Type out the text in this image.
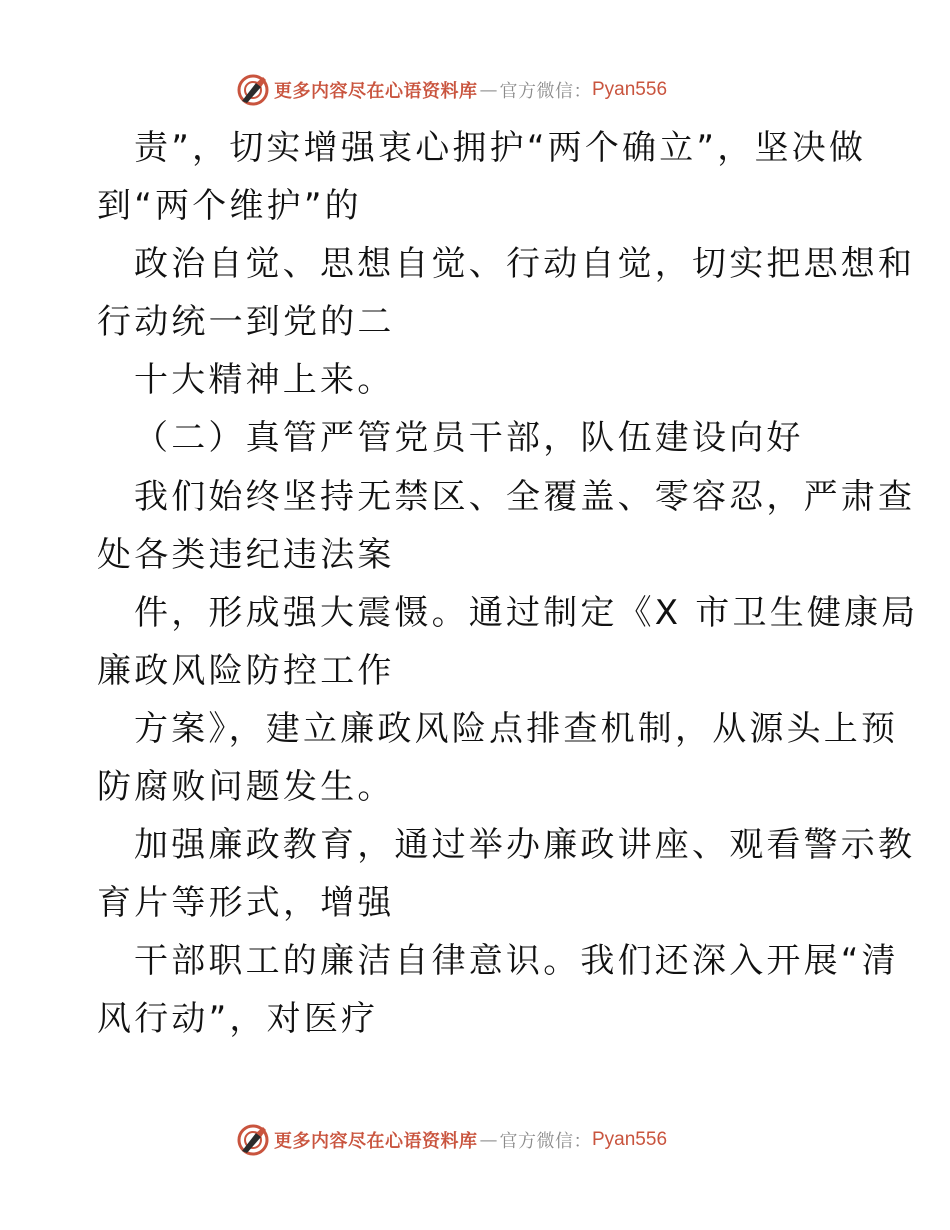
更多内容尽在心语资料库 — 官方微信： Pyan556
责”，切实增强衷心拥护“两个确立”，坚决做
到“两个维护”的
政治自觉、思想自觉、行动自觉，切实把思想和
行动统一到党的二
十大精神上来。
（二）真管严管党员干部，队伍建设向好
我们始终坚持无禁区、全覆盖、零容忍，严肃查
处各类违纪违法案
件，形成强大震慑。通过制定《X 市卫生健康局
廉政风险防控工作
方案》，建立廉政风险点排查机制，从源头上预
防腐败问题发生。
加强廉政教育，通过举办廉政讲座、观看警示教
育片等形式，增强
干部职工的廉洁自律意识。我们还深入开展“清
风行动”，对医疗
更多内容尽在心语资料库 — 官方微信： Pyan556
